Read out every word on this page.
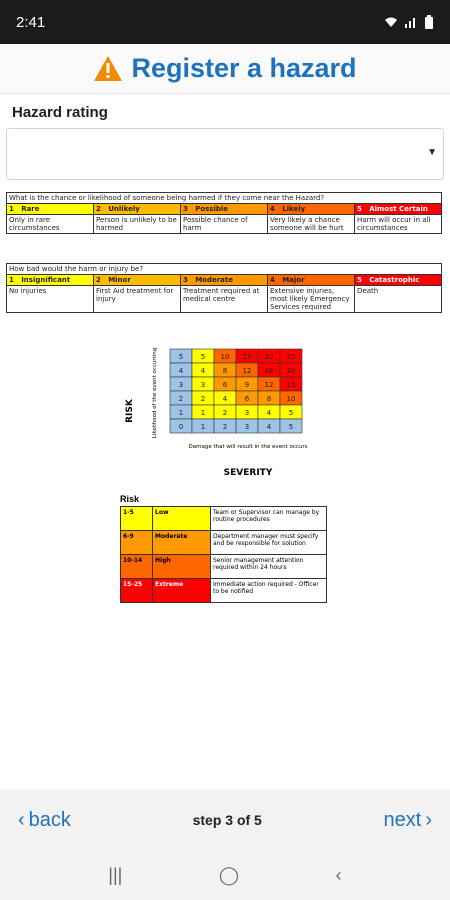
2:41
Register a hazard
Hazard rating
▼
What is the chance or likelihood of someone being harmed if they come near the Hazard?				
1 Rare	2 Unlikely	3 Possible	4 Likely	5 Almost Certain
Only in rare circumstances	Person is unlikely to be harmed	Possible chance of harm	Very likely a chance someone will be hurt	Harm will occur in all circumstances
How bad would the harm or injury be?				
1 Insignificant	2 Minor	3 Moderate	4 Major	5 Catastrophic
No injuries	First Aid treatment for injury	Treatment required at medical centre	Extensive injuries, most likely Emergency Services required	Death
RISK	Likelihood of the event occurring	5	5 10 15 20 25
4	4	8 12 16 20
3	3	6	9 12 15
2	2	4	6	8 10
1	1	2	3	4	5
0	1	2	3	4	5
Damage that will result in the event occurs
SEVERITY
Risk
1-5	Low	Team or Supervisor can manage by routine procedures
6-9	Moderate	Department manager must specify and be responsible for solution
10-14	High	Senior management attention required within 24 hours
15-25	Extreme	Immediate action required - Officer to be notified
‹ back	step 3 of 5	next ›
|||	◯	‹
